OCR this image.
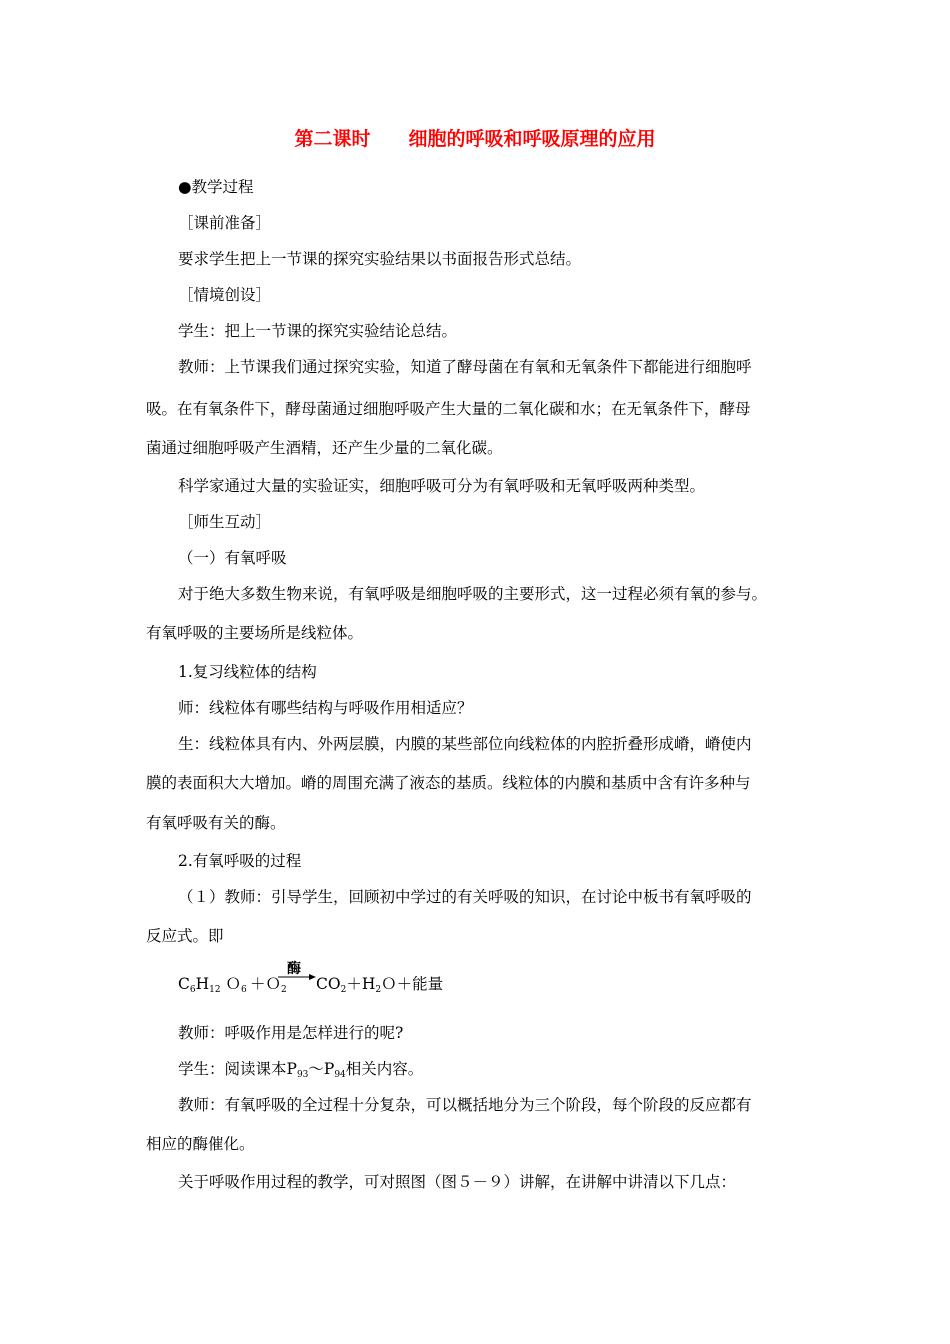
第二课时 细胞的呼吸和呼吸原理的应用
●教学过程
［课前准备］
要求学生把上一节课的探究实验结果以书面报告形式总结。
［情境创设］
学生：把上一节课的探究实验结论总结。
教师：上节课我们通过探究实验，知道了酵母菌在有氧和无氧条件下都能进行细胞呼
吸。在有氧条件下，酵母菌通过细胞呼吸产生大量的二氧化碳和水；在无氧条件下，酵母
菌通过细胞呼吸产生酒精，还产生少量的二氧化碳。
科学家通过大量的实验证实，细胞呼吸可分为有氧呼吸和无氧呼吸两种类型。
［师生互动］
（一）有氧呼吸
对于绝大多数生物来说，有氧呼吸是细胞呼吸的主要形式，这一过程必须有氧的参与。
有氧呼吸的主要场所是线粒体。
1.复习线粒体的结构
师：线粒体有哪些结构与呼吸作用相适应？
生：线粒体具有内、外两层膜，内膜的某些部位向线粒体的内腔折叠形成嵴，嵴使内
膜的表面积大大增加。嵴的周围充满了液态的基质。线粒体的内膜和基质中含有许多种与
有氧呼吸有关的酶。
2.有氧呼吸的过程
（１）教师：引导学生，回顾初中学过的有关呼吸的知识，在讨论中板书有氧呼吸的
反应式。即
$C_6H_{12}$ Ｏ$_6$ ＋Ｏ$_2$
酶
$CO_2+H_2O+$能量
教师：呼吸作用是怎样进行的呢?
学生：阅读课本$P_{93}\sim P_{94}$相关内容。
教师：有氧呼吸的全过程十分复杂，可以概括地分为三个阶段，每个阶段的反应都有
相应的酶催化。
关于呼吸作用过程的教学，可对照图（图５－９）讲解，在讲解中讲清以下几点：
